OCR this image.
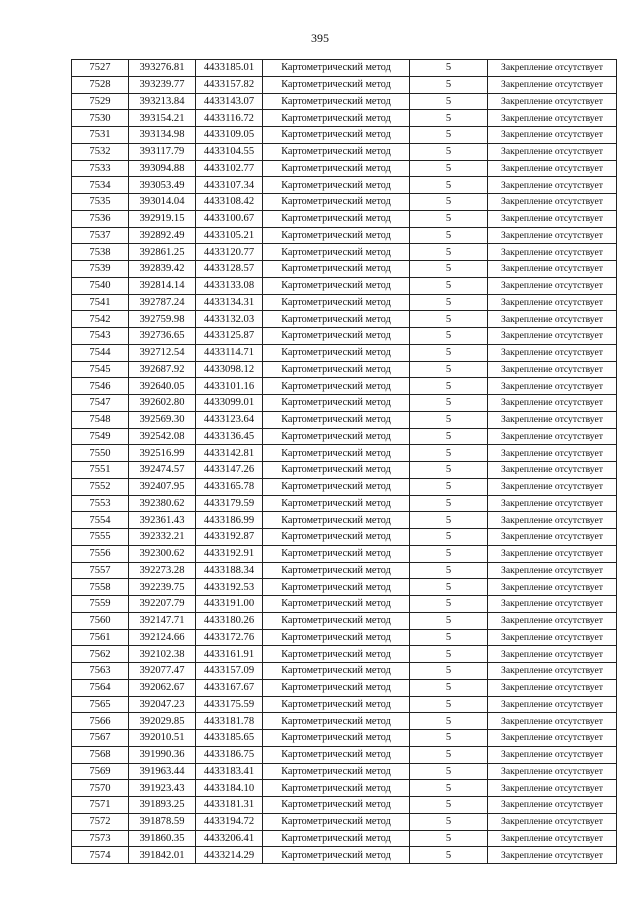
395
7527	393276.81	4433185.01	Картометрический метод	5	Закрепление отсутствует
7528	393239.77	4433157.82	Картометрический метод	5	Закрепление отсутствует
7529	393213.84	4433143.07	Картометрический метод	5	Закрепление отсутствует
7530	393154.21	4433116.72	Картометрический метод	5	Закрепление отсутствует
7531	393134.98	4433109.05	Картометрический метод	5	Закрепление отсутствует
7532	393117.79	4433104.55	Картометрический метод	5	Закрепление отсутствует
7533	393094.88	4433102.77	Картометрический метод	5	Закрепление отсутствует
7534	393053.49	4433107.34	Картометрический метод	5	Закрепление отсутствует
7535	393014.04	4433108.42	Картометрический метод	5	Закрепление отсутствует
7536	392919.15	4433100.67	Картометрический метод	5	Закрепление отсутствует
7537	392892.49	4433105.21	Картометрический метод	5	Закрепление отсутствует
7538	392861.25	4433120.77	Картометрический метод	5	Закрепление отсутствует
7539	392839.42	4433128.57	Картометрический метод	5	Закрепление отсутствует
7540	392814.14	4433133.08	Картометрический метод	5	Закрепление отсутствует
7541	392787.24	4433134.31	Картометрический метод	5	Закрепление отсутствует
7542	392759.98	4433132.03	Картометрический метод	5	Закрепление отсутствует
7543	392736.65	4433125.87	Картометрический метод	5	Закрепление отсутствует
7544	392712.54	4433114.71	Картометрический метод	5	Закрепление отсутствует
7545	392687.92	4433098.12	Картометрический метод	5	Закрепление отсутствует
7546	392640.05	4433101.16	Картометрический метод	5	Закрепление отсутствует
7547	392602.80	4433099.01	Картометрический метод	5	Закрепление отсутствует
7548	392569.30	4433123.64	Картометрический метод	5	Закрепление отсутствует
7549	392542.08	4433136.45	Картометрический метод	5	Закрепление отсутствует
7550	392516.99	4433142.81	Картометрический метод	5	Закрепление отсутствует
7551	392474.57	4433147.26	Картометрический метод	5	Закрепление отсутствует
7552	392407.95	4433165.78	Картометрический метод	5	Закрепление отсутствует
7553	392380.62	4433179.59	Картометрический метод	5	Закрепление отсутствует
7554	392361.43	4433186.99	Картометрический метод	5	Закрепление отсутствует
7555	392332.21	4433192.87	Картометрический метод	5	Закрепление отсутствует
7556	392300.62	4433192.91	Картометрический метод	5	Закрепление отсутствует
7557	392273.28	4433188.34	Картометрический метод	5	Закрепление отсутствует
7558	392239.75	4433192.53	Картометрический метод	5	Закрепление отсутствует
7559	392207.79	4433191.00	Картометрический метод	5	Закрепление отсутствует
7560	392147.71	4433180.26	Картометрический метод	5	Закрепление отсутствует
7561	392124.66	4433172.76	Картометрический метод	5	Закрепление отсутствует
7562	392102.38	4433161.91	Картометрический метод	5	Закрепление отсутствует
7563	392077.47	4433157.09	Картометрический метод	5	Закрепление отсутствует
7564	392062.67	4433167.67	Картометрический метод	5	Закрепление отсутствует
7565	392047.23	4433175.59	Картометрический метод	5	Закрепление отсутствует
7566	392029.85	4433181.78	Картометрический метод	5	Закрепление отсутствует
7567	392010.51	4433185.65	Картометрический метод	5	Закрепление отсутствует
7568	391990.36	4433186.75	Картометрический метод	5	Закрепление отсутствует
7569	391963.44	4433183.41	Картометрический метод	5	Закрепление отсутствует
7570	391923.43	4433184.10	Картометрический метод	5	Закрепление отсутствует
7571	391893.25	4433181.31	Картометрический метод	5	Закрепление отсутствует
7572	391878.59	4433194.72	Картометрический метод	5	Закрепление отсутствует
7573	391860.35	4433206.41	Картометрический метод	5	Закрепление отсутствует
7574	391842.01	4433214.29	Картометрический метод	5	Закрепление отсутствует
